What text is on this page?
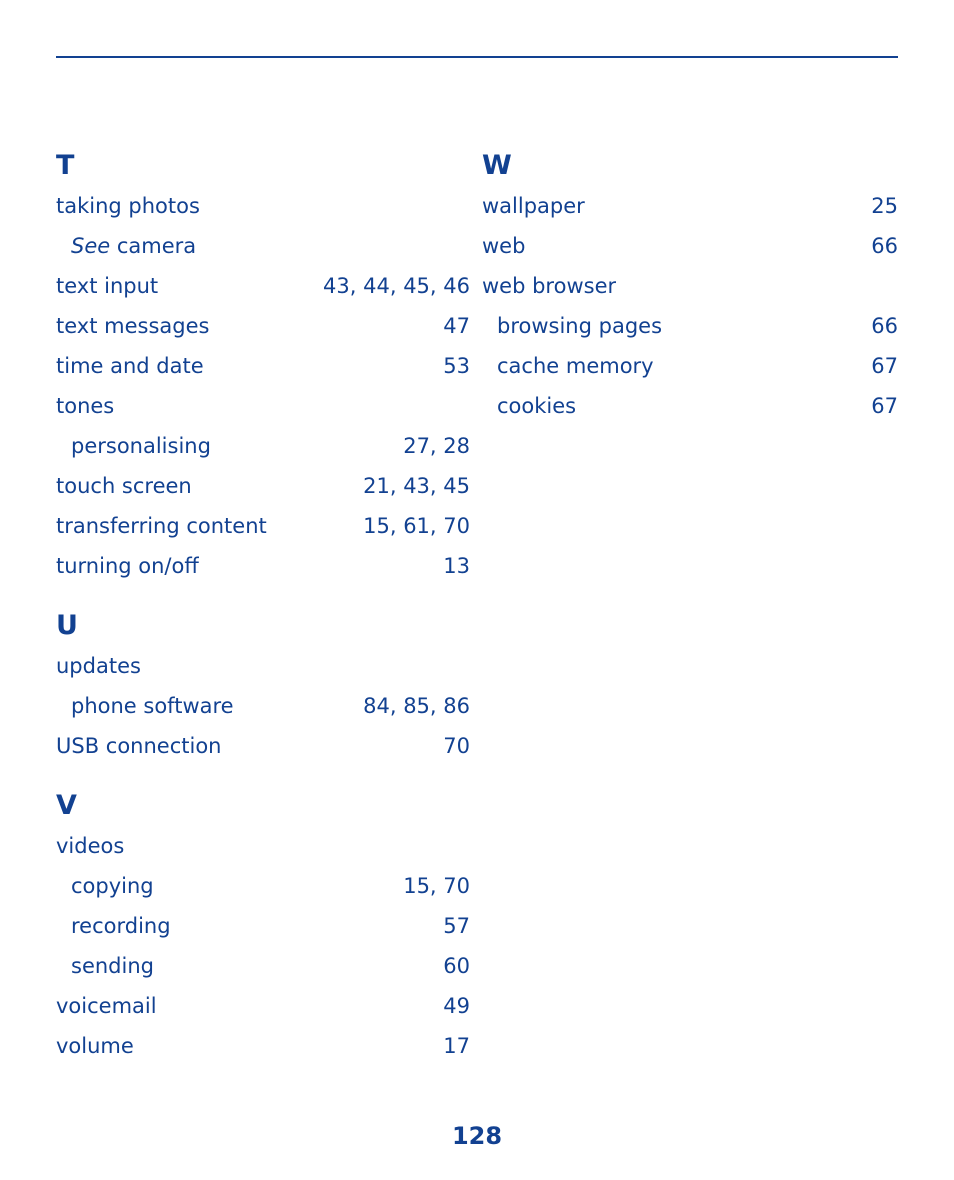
T
taking photos
See camera
text input	43, 44, 45, 46
text messages	47
time and date	53
tones
personalising	27, 28
touch screen	21, 43, 45
transferring content	15, 61, 70
turning on/off	13
U
updates
phone software	84, 85, 86
USB connection	70
V
videos
copying	15, 70
recording	57
sending	60
voicemail	49
volume	17
W
wallpaper	25
web	66
web browser
browsing pages	66
cache memory	67
cookies	67
128
